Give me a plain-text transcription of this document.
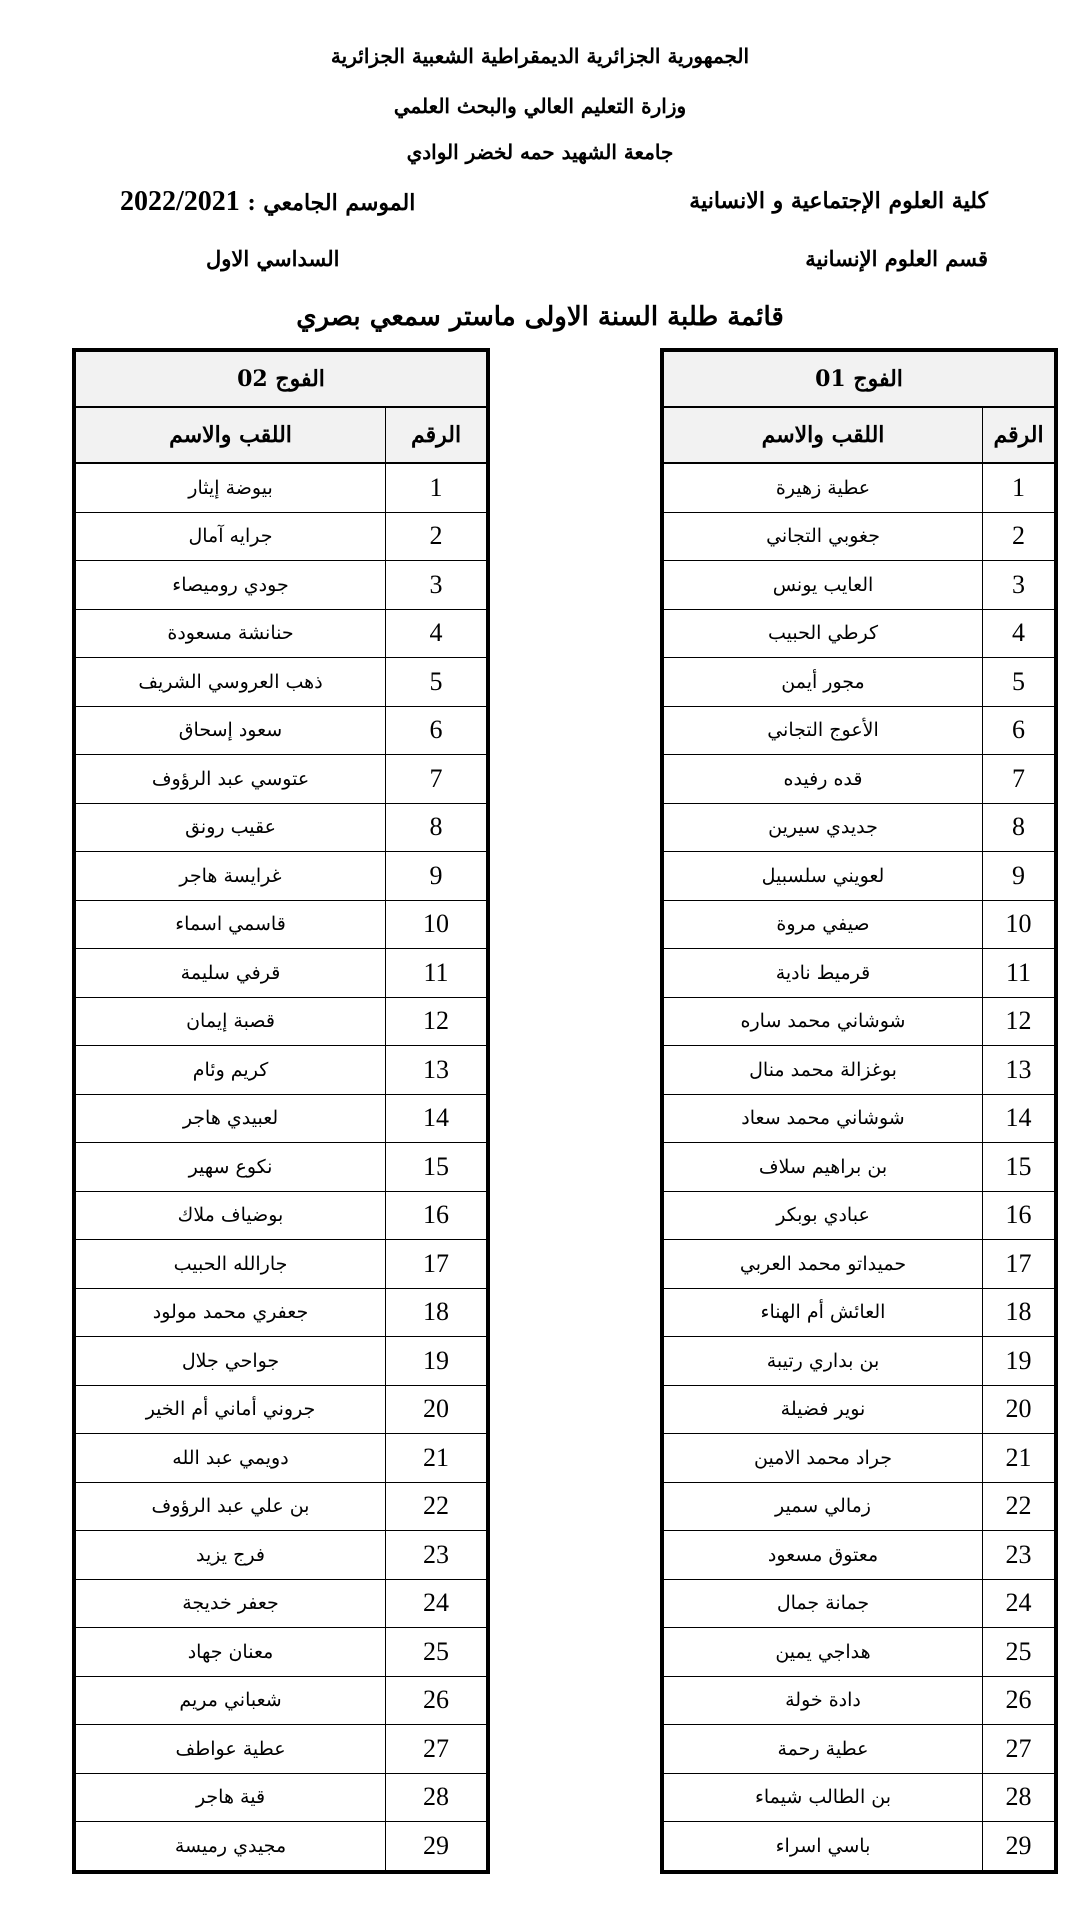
الجمهورية الجزائرية الديمقراطية الشعبية الجزائرية
وزارة التعليم العالي والبحث العلمي
جامعة الشهيد حمه لخضر الوادي
كلية العلوم الإجتماعية و الانسانية
الموسم الجامعي : 2022/2021
قسم العلوم الإنسانية
السداسي الاول
قائمة طلبة السنة الاولى ماستر سمعي بصري
الفوج 01	
الرقم	اللقب والاسم
1	عطية زهيرة
2	جغوبي التجاني
3	العايب يونس
4	كرطي الحبيب
5	مجور أيمن
6	الأعوج التجاني
7	قده رفيده
8	جديدي سيرين
9	لعويني سلسبيل
10	صيفي مروة
11	قرميط نادية
12	شوشاني محمد ساره
13	بوغزالة محمد منال
14	شوشاني محمد سعاد
15	بن براهيم سلاف
16	عبادي بوبكر
17	حميداتو محمد العربي
18	العائش أم الهناء
19	بن بداري رتيبة
20	نوير فضيلة
21	جراد محمد الامين
22	زمالي سمير
23	معتوق مسعود
24	جمانة جمال
25	هداجي يمين
26	دادة خولة
27	عطية رحمة
28	بن الطالب شيماء
29	باسي اسراء
الفوج 02	
الرقم	اللقب والاسم
1	بيوضة إيثار
2	جرايه آمال
3	جودي روميصاء
4	حنانشة مسعودة
5	ذهب العروسي الشريف
6	سعود إسحاق
7	عتوسي عبد الرؤوف
8	عقيب رونق
9	غرايسة هاجر
10	قاسمي اسماء
11	قرفي سليمة
12	قصبة إيمان
13	كريم وئام
14	لعبيدي هاجر
15	نكوع سهير
16	بوضياف ملاك
17	جارالله الحبيب
18	جعفري محمد مولود
19	جواحي جلال
20	جروني أماني أم الخير
21	دويمي عبد الله
22	بن علي عبد الرؤوف
23	فرج يزيد
24	جعفر خديجة
25	معنان جهاد
26	شعباني مريم
27	عطية عواطف
28	قية هاجر
29	مجيدي رميسة
